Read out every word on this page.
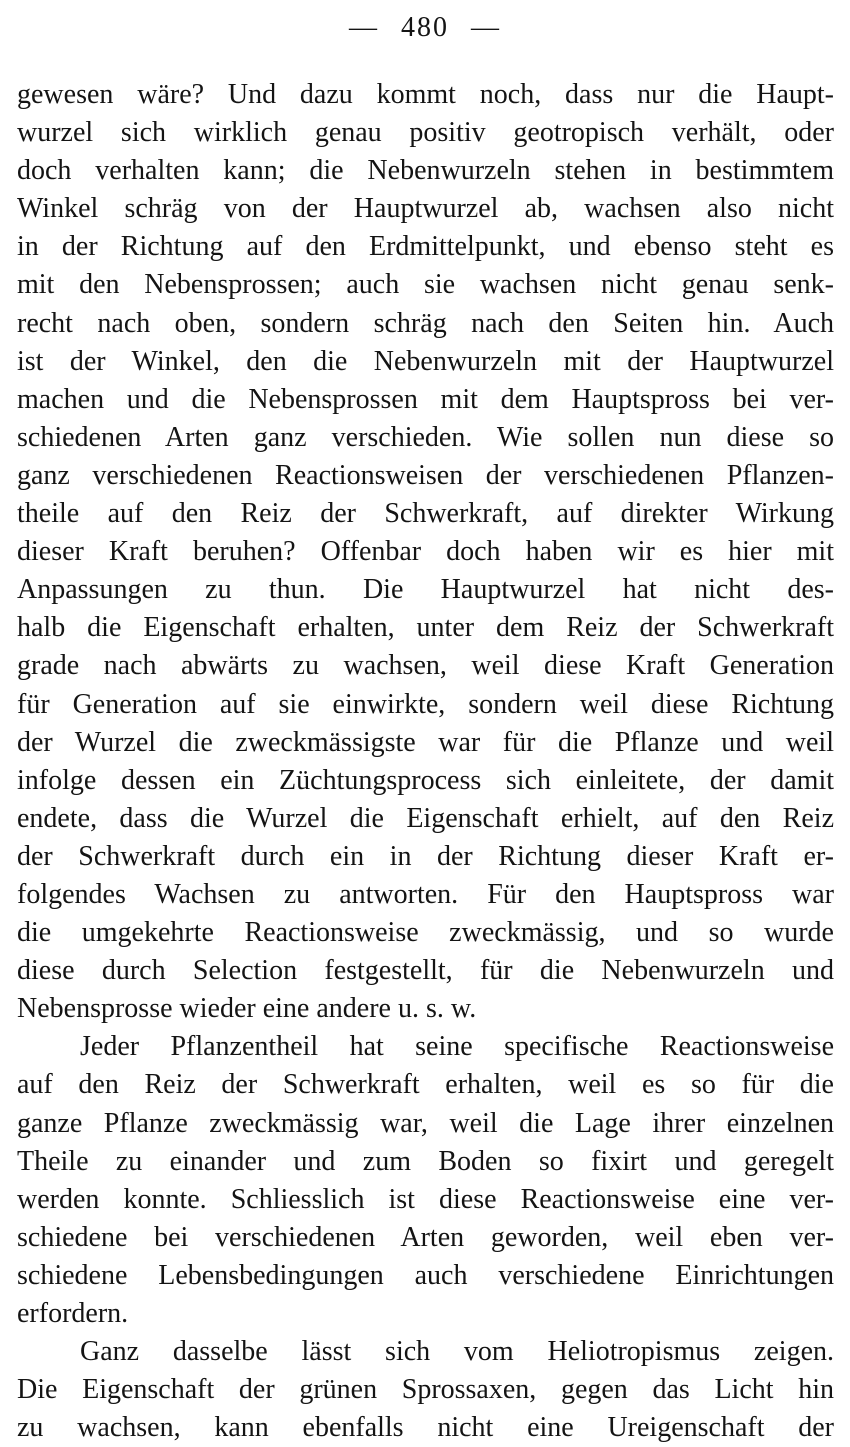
— 480 —
gewesen wäre? Und dazu kommt noch, dass nur die Haupt-
wurzel sich wirklich genau positiv geotropisch verhält, oder
doch verhalten kann; die Nebenwurzeln stehen in bestimmtem
Winkel schräg von der Hauptwurzel ab, wachsen also nicht
in der Richtung auf den Erdmittelpunkt, und ebenso steht es
mit den Nebensprossen; auch sie wachsen nicht genau senk-
recht nach oben, sondern schräg nach den Seiten hin. Auch
ist der Winkel, den die Nebenwurzeln mit der Hauptwurzel
machen und die Nebensprossen mit dem Hauptspross bei ver-
schiedenen Arten ganz verschieden. Wie sollen nun diese so
ganz verschiedenen Reactionsweisen der verschiedenen Pflanzen-
theile auf den Reiz der Schwerkraft, auf direkter Wirkung
dieser Kraft beruhen? Offenbar doch haben wir es hier mit
Anpassungen zu thun. Die Hauptwurzel hat nicht des-
halb die Eigenschaft erhalten, unter dem Reiz der Schwerkraft
grade nach abwärts zu wachsen, weil diese Kraft Generation
für Generation auf sie einwirkte, sondern weil diese Richtung
der Wurzel die zweckmässigste war für die Pflanze und weil
infolge dessen ein Züchtungsprocess sich einleitete, der damit
endete, dass die Wurzel die Eigenschaft erhielt, auf den Reiz
der Schwerkraft durch ein in der Richtung dieser Kraft er-
folgendes Wachsen zu antworten. Für den Hauptspross war
die umgekehrte Reactionsweise zweckmässig, und so wurde
diese durch Selection festgestellt, für die Nebenwurzeln und
Nebensprosse wieder eine andere u. s. w.
Jeder Pflanzentheil hat seine specifische Reactionsweise
auf den Reiz der Schwerkraft erhalten, weil es so für die
ganze Pflanze zweckmässig war, weil die Lage ihrer einzelnen
Theile zu einander und zum Boden so fixirt und geregelt
werden konnte. Schliesslich ist diese Reactionsweise eine ver-
schiedene bei verschiedenen Arten geworden, weil eben ver-
schiedene Lebensbedingungen auch verschiedene Einrichtungen
erfordern.
Ganz dasselbe lässt sich vom Heliotropismus zeigen.
Die Eigenschaft der grünen Sprossaxen, gegen das Licht hin
zu wachsen, kann ebenfalls nicht eine Ureigenschaft der
